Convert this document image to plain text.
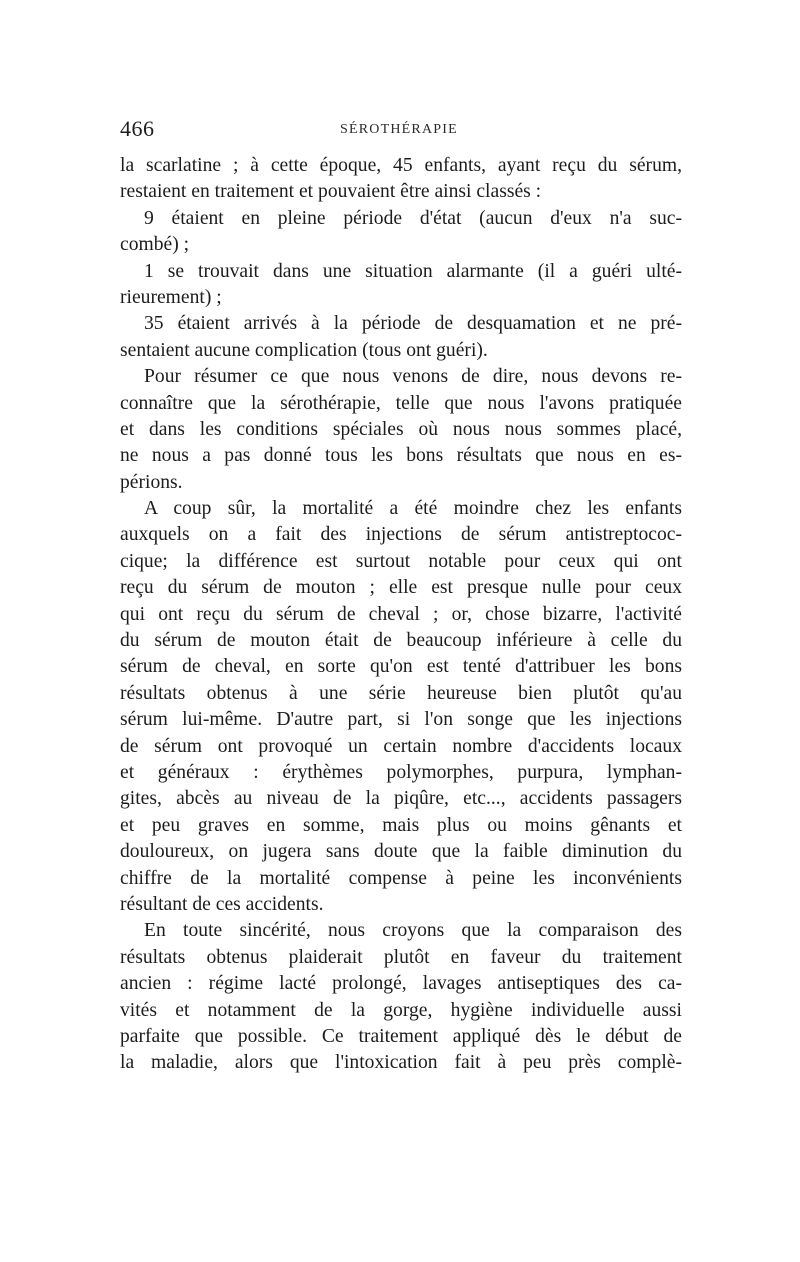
466	SÉROTHÉRAPIE
la scarlatine ; à cette époque, 45 enfants, ayant reçu du sérum,
restaient en traitement et pouvaient être ainsi classés :
9 étaient en pleine période d'état (aucun d'eux n'a suc-
combé) ;
1 se trouvait dans une situation alarmante (il a guéri ulté-
rieurement) ;
35 étaient arrivés à la période de desquamation et ne pré-
sentaient aucune complication (tous ont guéri).
Pour résumer ce que nous venons de dire, nous devons re-
connaître que la sérothérapie, telle que nous l'avons pratiquée
et dans les conditions spéciales où nous nous sommes placé,
ne nous a pas donné tous les bons résultats que nous en es-
périons.
A coup sûr, la mortalité a été moindre chez les enfants
auxquels on a fait des injections de sérum antistreptococ-
cique; la différence est surtout notable pour ceux qui ont
reçu du sérum de mouton ; elle est presque nulle pour ceux
qui ont reçu du sérum de cheval ; or, chose bizarre, l'activité
du sérum de mouton était de beaucoup inférieure à celle du
sérum de cheval, en sorte qu'on est tenté d'attribuer les bons
résultats obtenus à une série heureuse bien plutôt qu'au
sérum lui-même. D'autre part, si l'on songe que les injections
de sérum ont provoqué un certain nombre d'accidents locaux
et généraux : érythèmes polymorphes, purpura, lymphan-
gites, abcès au niveau de la piqûre, etc..., accidents passagers
et peu graves en somme, mais plus ou moins gênants et
douloureux, on jugera sans doute que la faible diminution du
chiffre de la mortalité compense à peine les inconvénients
résultant de ces accidents.
En toute sincérité, nous croyons que la comparaison des
résultats obtenus plaiderait plutôt en faveur du traitement
ancien : régime lacté prolongé, lavages antiseptiques des ca-
vités et notamment de la gorge, hygiène individuelle aussi
parfaite que possible. Ce traitement appliqué dès le début de
la maladie, alors que l'intoxication fait à peu près complè-
